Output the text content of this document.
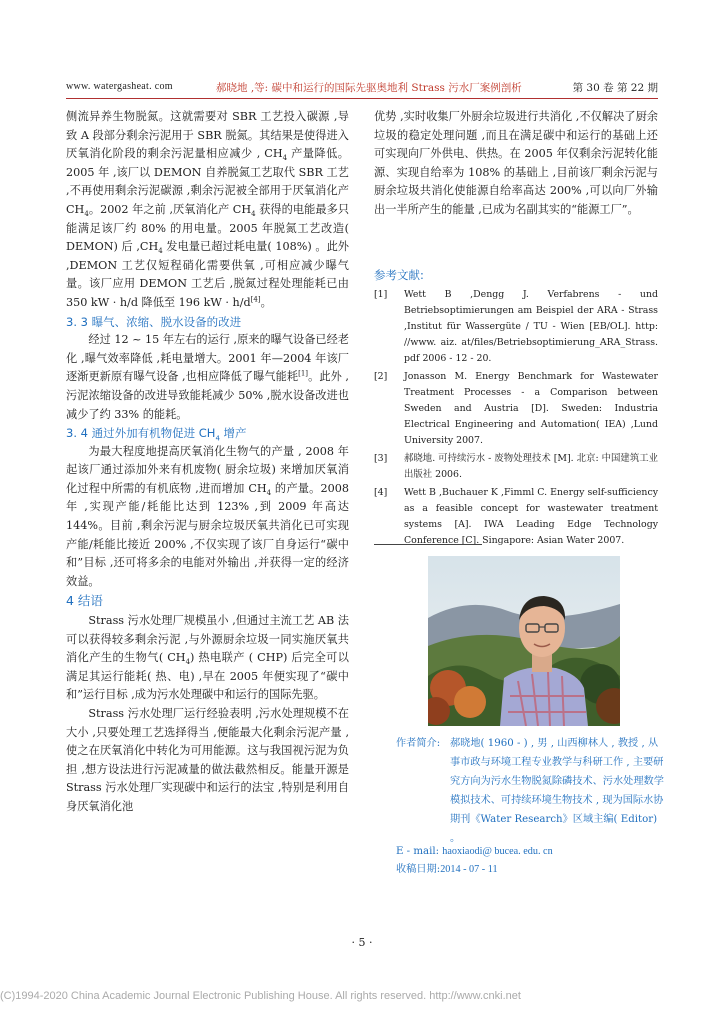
www. watergasheat. com	郝晓地 ,等: 碳中和运行的国际先驱奥地利 Strass 污水厂案例剖析	第 30 卷 第 22 期

侧流异养生物脱氮。这就需要对 SBR 工艺投入碳源 ,导致 A 段部分剩余污泥用于 SBR 脱氮。其结果是使得进入厌氧消化阶段的剩余污泥量相应减少 , $CH_4$ 产量降低。2005 年 ,该厂以 DEMON 自养脱氮工艺取代 SBR 工艺 ,不再使用剩余污泥碳源 ,剩余污泥被全部用于厌氧消化产 $CH_4$。2002 年之前 ,厌氧消化产 $CH_4$ 获得的电能最多只能满足该厂约 80% 的用电量。2005 年脱氮工艺改造( DEMON) 后 $,CH_4$ 发电量已超过耗电量( 108%) 。此外 ,DEMON 工艺仅短程硝化需要供氧 ,可相应减少曝气量。该厂应用 DEMON 工艺后 ,脱氮过程处理能耗已由 350 kW · h/d 降低至 196 kW · h/d[4]。

3. 3 曝气、浓缩、脱水设备的改进

经过 12 ~ 15 年左右的运行 ,原来的曝气设备已经老化 ,曝气效率降低 ,耗电量增大。2001 年—2004 年该厂逐渐更新原有曝气设备 ,也相应降低了曝气能耗[1]。此外 ,污泥浓缩设备的改进导致能耗减少 50% ,脱水设备改进也减少了约 33% 的能耗。

3. 4 通过外加有机物促进 $CH_4$ 增产

为最大程度地提高厌氧消化生物气的产量 , 2008 年起该厂通过添加外来有机废物( 厨余垃圾) 来增加厌氧消化过程中所需的有机底物 ,进而增加 $CH_4$ 的产量。2008 年 ,实现产能/耗能比达到 123% ,到 2009 年高达 144%。目前 ,剩余污泥与厨余垃圾厌氧共消化已可实现产能/耗能比接近 200% ,不仅实现了该厂自身运行“碳中和”目标 ,还可将多余的电能对外输出 ,并获得一定的经济效益。

4 结语

Strass 污水处理厂规模虽小 ,但通过主流工艺 AB 法可以获得较多剩余污泥 ,与外源厨余垃圾一同实施厌氧共消化产生的生物气( $CH_4$) 热电联产 ( CHP) 后完全可以满足其运行能耗( 热、电) ,早在 2005 年便实现了“碳中和”运行目标 ,成为污水处理碳中和运行的国际先驱。

Strass 污水处理厂运行经验表明 ,污水处理规模不在大小 ,只要处理工艺选择得当 ,便能最大化剩余污泥产量 ,使之在厌氧消化中转化为可用能源。这与我国视污泥为负担 ,想方设法进行污泥减量的做法截然相反。能量开源是 Strass 污水处理厂实现碳中和运行的法宝 ,特别是利用自身厌氧消化池

优势 ,实时收集厂外厨余垃圾进行共消化 ,不仅解决了厨余垃圾的稳定处理问题 ,而且在满足碳中和运行的基础上还可实现向厂外供电、供热。在 2005 年仅剩余污泥转化能源、实现自给率为 108% 的基础上 ,目前该厂剩余污泥与厨余垃圾共消化使能源自给率高达 200% ,可以向厂外输出一半所产生的能量 ,已成为名副其实的“能源工厂”。

参考文献:
[1] Wett B ,Dengg J. Verfabrens - und Betriebsoptimierungen am Beispiel der ARA - Strass ,Institut für Wassergüte / TU - Wien [EB/OL]. http: //www. aiz. at/files/Betriebsoptimierung_ARA_Strass. pdf 2006 - 12 - 20.
[2] Jonasson M. Energy Benchmark for Wastewater Treatment Processes - a Comparison between Sweden and Austria [D]. Sweden: Industria Electrical Engineering and Automation( IEA) ,Lund University 2007.
[3] 郝晓地. 可持续污水 - 废物处理技术 [M]. 北京: 中国建筑工业出版社 2006.
[4] Wett B ,Buchauer K ,Fimml C. Energy self-sufficiency as a feasible concept for wastewater treatment systems [A]. IWA Leading Edge Technology Conference [C]. Singapore: Asian Water 2007.
作者简介: 郝晓地( 1960 - ) , 男 , 山西柳林人 , 教授 , 从事市政与环境工程专业教学与科研工作 , 主要研究方向为污水生物脱氮除磷技术、污水处理数学模拟技术、可持续环境生物技术 , 现为国际水协期刊《Water Research》区域主编( Editor) 。
E - mail: haoxiaodi@ bucea. edu. cn
收稿日期:2014 - 07 - 11
· 5 ·
(C)1994-2020 China Academic Journal Electronic Publishing House. All rights reserved. http://www.cnki.net
